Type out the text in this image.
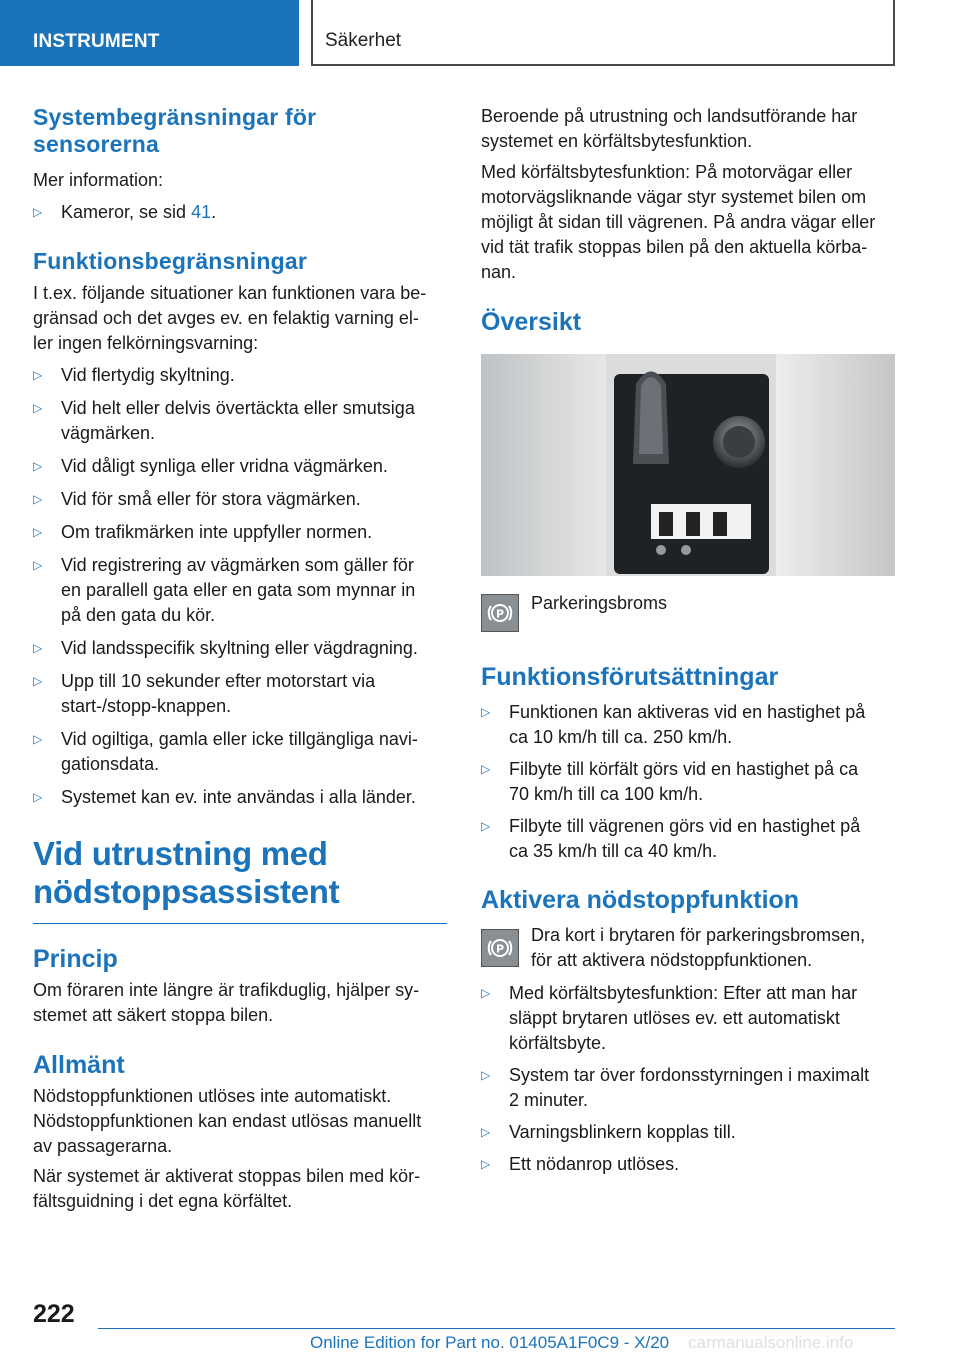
INSTRUMENT	Säkerhet
Systembegränsningar för
sensorerna
Mer information:
▷ Kameror, se sid 41.
Funktionsbegränsningar
I t.ex. följande situationer kan funktionen vara be-
gränsad och det avges ev. en felaktig varning el-
ler ingen felkörningsvarning:
▷ Vid flertydig skyltning.
▷ Vid helt eller delvis övertäckta eller smutsiga
vägmärken.
▷ Vid dåligt synliga eller vridna vägmärken.
▷ Vid för små eller för stora vägmärken.
▷ Om trafikmärken inte uppfyller normen.
▷ Vid registrering av vägmärken som gäller för
en parallell gata eller en gata som mynnar in
på den gata du kör.
▷ Vid landsspecifik skyltning eller vägdragning.
▷ Upp till 10 sekunder efter motorstart via
start-/stopp-knappen.
▷ Vid ogiltiga, gamla eller icke tillgängliga navi-
gationsdata.
▷ Systemet kan ev. inte användas i alla länder.
Vid utrustning med
nödstoppsassistent
Princip
Om föraren inte längre är trafikduglig, hjälper sy-
stemet att säkert stoppa bilen.
Allmänt
Nödstoppfunktionen utlöses inte automatiskt.
Nödstoppfunktionen kan endast utlösas manuellt
av passagerarna.
När systemet är aktiverat stoppas bilen med kör-
fältsguidning i det egna körfältet.
Beroende på utrustning och landsutförande har
systemet en körfältsbytesfunktion.
Med körfältsbytesfunktion: På motorvägar eller
motorvägsliknande vägar styr systemet bilen om
möjligt åt sidan till vägrenen. På andra vägar eller
vid tät trafik stoppas bilen på den aktuella körba-
nan.
Översikt
P
Parkeringsbroms
Funktionsförutsättningar
▷ Funktionen kan aktiveras vid en hastighet på
ca 10 km/h till ca. 250 km/h.
▷ Filbyte till körfält görs vid en hastighet på ca
70 km/h till ca 100 km/h.
▷ Filbyte till vägrenen görs vid en hastighet på
ca 35 km/h till ca 40 km/h.
Aktivera nödstoppfunktion
P
Dra kort i brytaren för parkeringsbromsen,
för att aktivera nödstoppfunktionen.
▷ Med körfältsbytesfunktion: Efter att man har
släppt brytaren utlöses ev. ett automatiskt
körfältsbyte.
▷ System tar över fordonsstyrningen i maximalt
2 minuter.
▷ Varningsblinkern kopplas till.
▷ Ett nödanrop utlöses.
222
Online Edition for Part no. 01405A1F0C9 - X/20 carmanualsonline.info
